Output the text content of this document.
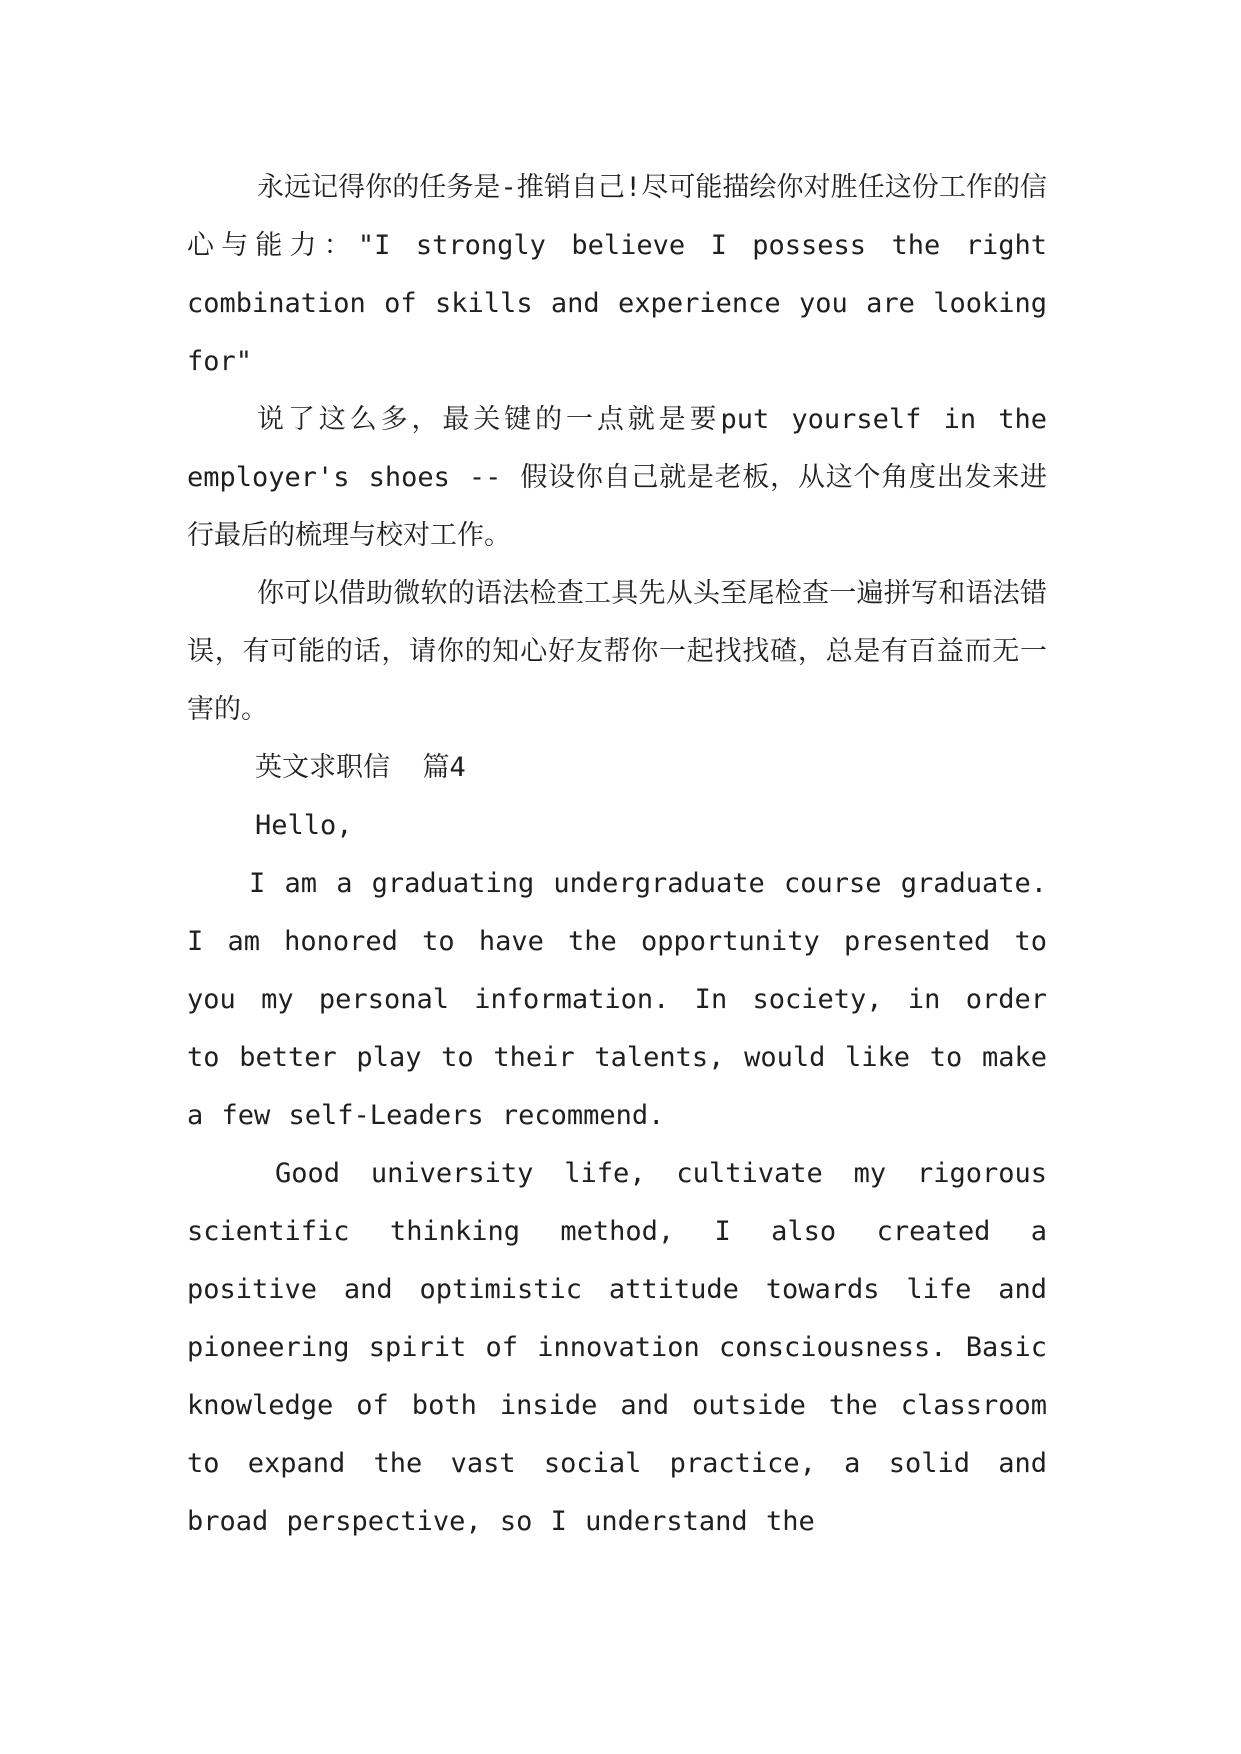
永远记得你的任务是-推销自己!尽可能描绘你对胜任这份工作的信心与能力："I strongly believe I possess the right combination of skills and experience you are looking for"

说了这么多，最关键的一点就是要put yourself in the employer's shoes -- 假设你自己就是老板，从这个角度出发来进行最后的梳理与校对工作。

你可以借助微软的语法检查工具先从头至尾检查一遍拼写和语法错误，有可能的话，请你的知心好友帮你一起找找碴，总是有百益而无一害的。

英文求职信  篇4

Hello,

I am a graduating undergraduate course graduate. I am honored to have the opportunity presented to you my personal information. In society, in order to better play to their talents, would like to make a few self-Leaders recommend.

Good university life, cultivate my rigorous scientific thinking method, I also created a positive and optimistic attitude towards life and pioneering spirit of innovation consciousness. Basic knowledge of both inside and outside the classroom to expand the vast social practice, a solid and broad perspective, so I understand the
